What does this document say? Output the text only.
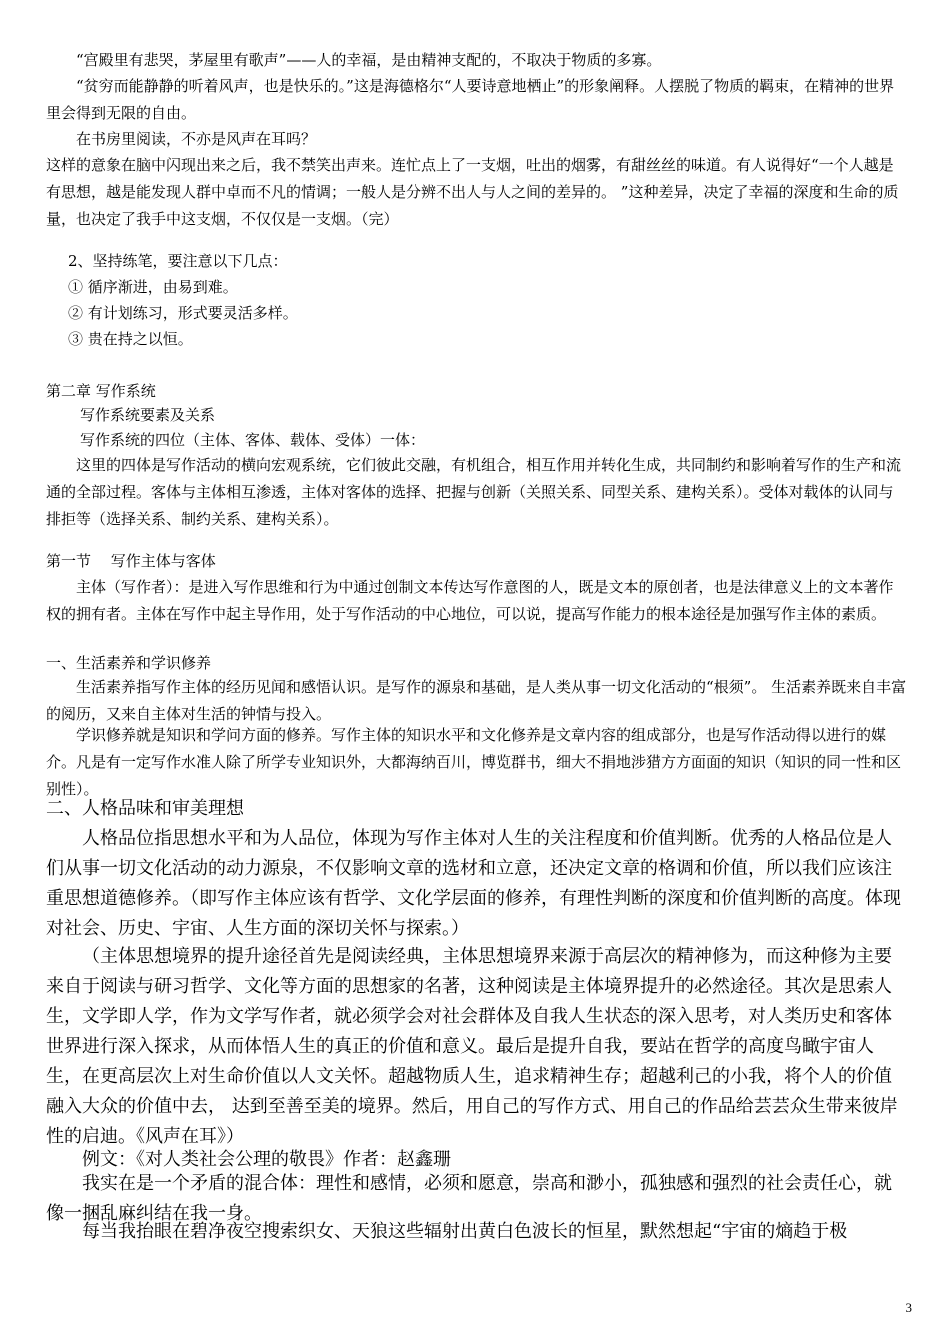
“宫殿里有悲哭，茅屋里有歌声”——人的幸福，是由精神支配的，不取决于物质的多寡。

“贫穷而能静静的听着风声，也是快乐的。”这是海德格尔“人要诗意地栖止”的形象阐释。人摆脱了物质的羁束，在精神的世界里会得到无限的自由。

在书房里阅读，不亦是风声在耳吗？

这样的意象在脑中闪现出来之后，我不禁笑出声来。连忙点上了一支烟，吐出的烟雾，有甜丝丝的味道。有人说得好“一个人越是有思想，越是能发现人群中卓而不凡的情调；一般人是分辨不出人与人之间的差异的。 ”这种差异，决定了幸福的深度和生命的质量，也决定了我手中这支烟，不仅仅是一支烟。（完）

2、坚持练笔，要注意以下几点：

① 循序渐进，由易到难。

② 有计划练习，形式要灵活多样。

③ 贵在持之以恒。

第二章 写作系统

写作系统要素及关系

写作系统的四位（主体、客体、载体、受体）一体：

这里的四体是写作活动的横向宏观系统，它们彼此交融，有机组合，相互作用并转化生成，共同制约和影响着写作的生产和流通的全部过程。客体与主体相互渗透，主体对客体的选择、把握与创新（关照关系、同型关系、建构关系）。受体对载体的认同与排拒等（选择关系、制约关系、建构关系）。

第一节　 写作主体与客体

主体（写作者）：是进入写作思维和行为中通过创制文本传达写作意图的人，既是文本的原创者，也是法律意义上的文本著作权的拥有者。主体在写作中起主导作用，处于写作活动的中心地位，可以说，提高写作能力的根本途径是加强写作主体的素质。

一、生活素养和学识修养

生活素养指写作主体的经历见闻和感悟认识。是写作的源泉和基础，是人类从事一切文化活动的“根须”。 生活素养既来自丰富的阅历，又来自主体对生活的钟情与投入。

学识修养就是知识和学问方面的修养。写作主体的知识水平和文化修养是文章内容的组成部分，也是写作活动得以进行的媒介。凡是有一定写作水准人除了所学专业知识外，大都海纳百川，博览群书，细大不捐地涉猎方方面面的知识（知识的同一性和区别性）。

二、人格品味和审美理想

人格品位指思想水平和为人品位，体现为写作主体对人生的关注程度和价值判断。优秀的人格品位是人们从事一切文化活动的动力源泉，不仅影响文章的选材和立意，还决定文章的格调和价值，所以我们应该注重思想道德修养。（即写作主体应该有哲学、文化学层面的修养，有理性判断的深度和价值判断的高度。体现对社会、历史、宇宙、人生方面的深切关怀与探索。）

（主体思想境界的提升途径首先是阅读经典，主体思想境界来源于高层次的精神修为，而这种修为主要来自于阅读与研习哲学、文化等方面的思想家的名著，这种阅读是主体境界提升的必然途径。其次是思索人生，文学即人学，作为文学写作者，就必须学会对社会群体及自我人生状态的深入思考，对人类历史和客体世界进行深入探求，从而体悟人生的真正的价值和意义。最后是提升自我，要站在哲学的高度鸟瞰宇宙人生，在更高层次上对生命价值以人文关怀。超越物质人生，追求精神生存；超越利己的小我，将个人的价值融入大众的价值中去， 达到至善至美的境界。然后，用自己的写作方式、用自己的作品给芸芸众生带来彼岸性的启迪。《风声在耳》）

例文：《对人类社会公理的敬畏》作者：赵鑫珊

我实在是一个矛盾的混合体：理性和感情，必须和愿意，崇高和渺小，孤独感和强烈的社会责任心，就像一捆乱麻纠结在我一身。

每当我抬眼在碧净夜空搜索织女、天狼这些辐射出黄白色波长的恒星，默然想起“宇宙的熵趋于极

3
